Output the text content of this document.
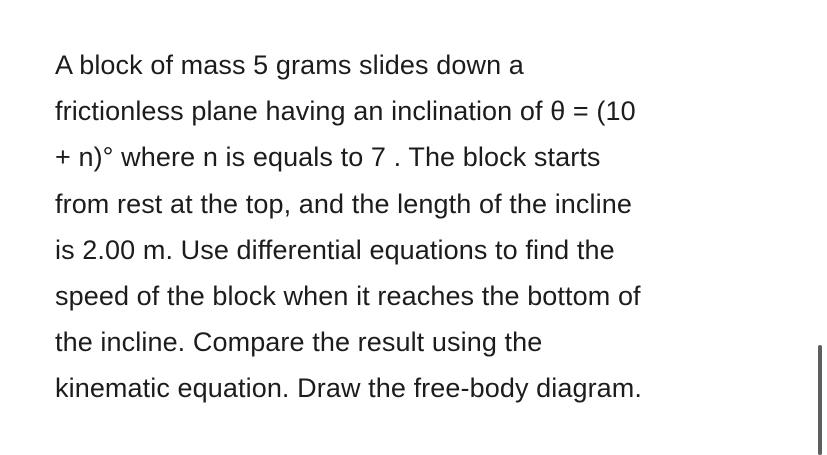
A block of mass 5 grams slides down a
frictionless plane having an inclination of θ = (10
+ n)° where n is equals to 7 . The block starts
from rest at the top, and the length of the incline
is 2.00 m. Use differential equations to find the
speed of the block when it reaches the bottom of
the incline. Compare the result using the
kinematic equation. Draw the free-body diagram.
